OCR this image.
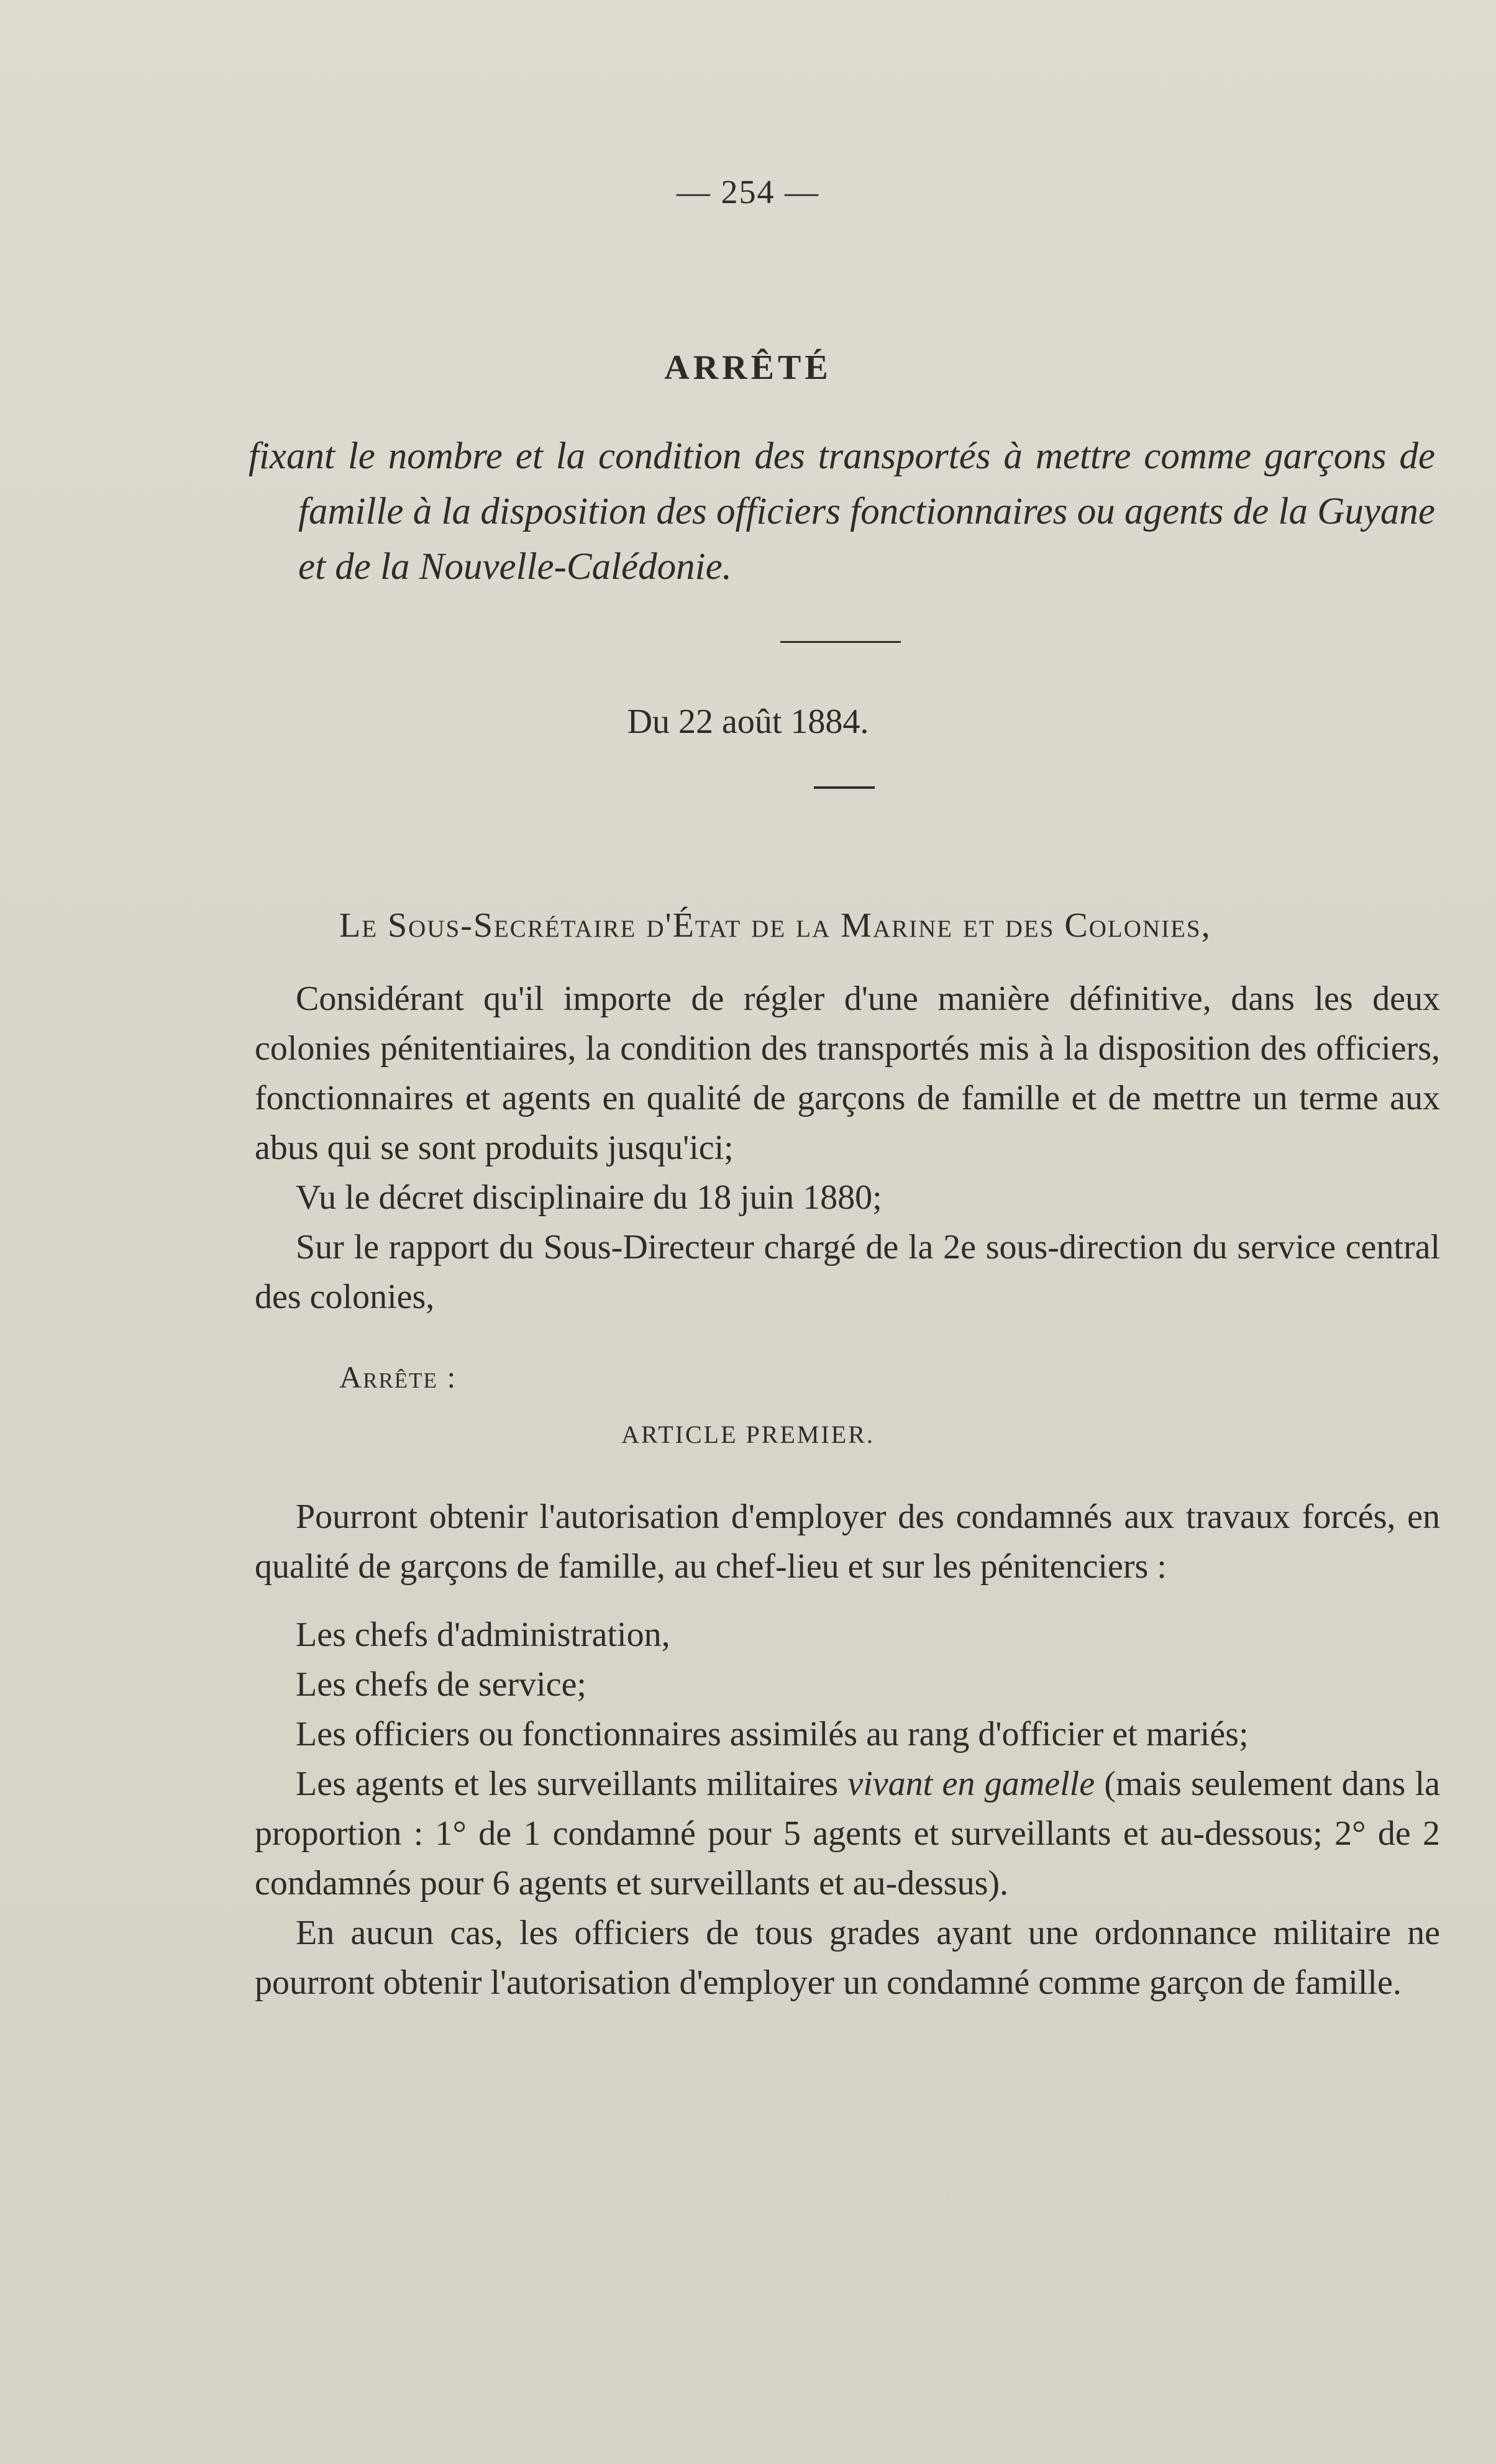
— 254 —
ARRÊTÉ
fixant le nombre et la condition des transportés à mettre comme garçons de famille à la disposition des officiers fonctionnaires ou agents de la Guyane et de la Nouvelle-Calédonie.
Du 22 août 1884.
Le Sous-Secrétaire d'État de la Marine et des Colonies,

Considérant qu'il importe de régler d'une manière définitive, dans les deux colonies pénitentiaires, la condition des transportés mis à la disposition des officiers, fonctionnaires et agents en qualité de garçons de famille et de mettre un terme aux abus qui se sont produits jusqu'ici;

Vu le décret disciplinaire du 18 juin 1880;

Sur le rapport du Sous-Directeur chargé de la 2e sous-direction du service central des colonies,

Arrête :
ARTICLE PREMIER.

Pourront obtenir l'autorisation d'employer des condamnés aux travaux forcés, en qualité de garçons de famille, au chef-lieu et sur les pénitenciers :

Les chefs d'administration,

Les chefs de service;

Les officiers ou fonctionnaires assimilés au rang d'officier et mariés;

Les agents et les surveillants militaires vivant en gamelle (mais seulement dans la proportion : 1° de 1 condamné pour 5 agents et surveillants et au-dessous; 2° de 2 condamnés pour 6 agents et surveillants et au-dessus).

En aucun cas, les officiers de tous grades ayant une ordonnance militaire ne pourront obtenir l'autorisation d'employer un condamné comme garçon de famille.
